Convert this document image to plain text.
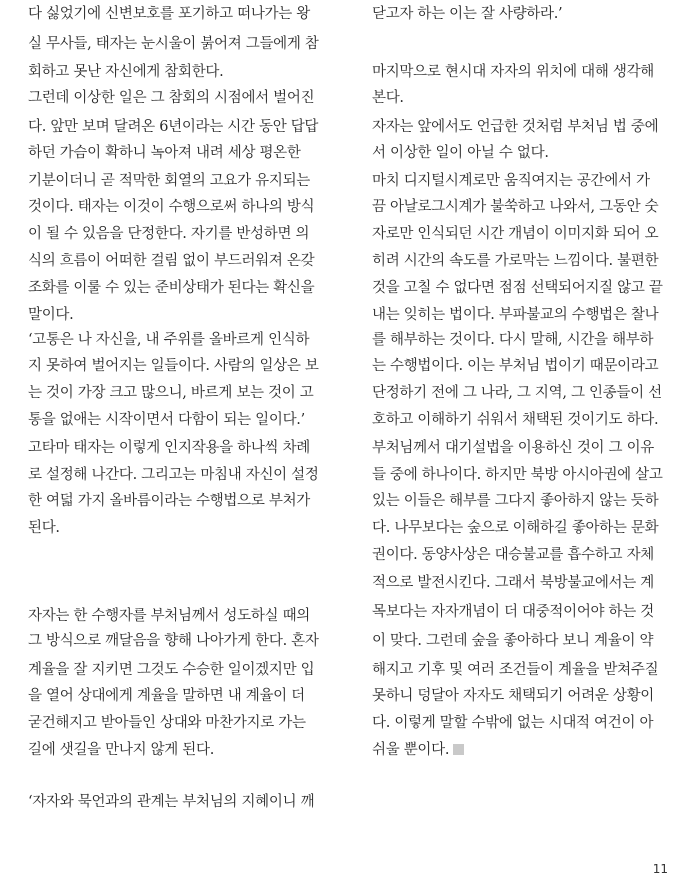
다 싫었기에 신변보호를 포기하고 떠나가는 왕
실 무사들, 태자는 눈시울이 붉어져 그들에게 참
회하고 못난 자신에게 참회한다.
그런데 이상한 일은 그 참회의 시점에서 벌어진
다. 앞만 보며 달려온 6년이라는 시간 동안 답답
하던 가슴이 확하니 녹아져 내려 세상 평온한
기분이더니 곧 적막한 회열의 고요가 유지되는
것이다. 태자는 이것이 수행으로써 하나의 방식
이 될 수 있음을 단정한다. 자기를 반성하면 의
식의 흐름이 어떠한 걸림 없이 부드러워져 온갖
조화를 이룰 수 있는 준비상태가 된다는 확신을
말이다.
‘고통은 나 자신을, 내 주위를 올바르게 인식하
지 못하여 벌어지는 일들이다. 사람의 일상은 보
는 것이 가장 크고 많으니, 바르게 보는 것이 고
통을 없애는 시작이면서 다함이 되는 일이다.’
고타마 태자는 이렇게 인지작용을 하나씩 차례
로 설정해 나간다. 그리고는 마침내 자신이 설정
한 여덟 가지 올바름이라는 수행법으로 부처가
된다.
자자는 한 수행자를 부처님께서 성도하실 때의
그 방식으로 깨달음을 향해 나아가게 한다. 혼자
계율을 잘 지키면 그것도 수승한 일이겠지만 입
을 열어 상대에게 계율을 말하면 내 계율이 더
굳건해지고 받아들인 상대와 마찬가지로 가는
길에 샛길을 만나지 않게 된다.
‘자자와 묵언과의 관계는 부처님의 지혜이니 깨
닫고자 하는 이는 잘 사량하라.’
마지막으로 현시대 자자의 위치에 대해 생각해
본다.
자자는 앞에서도 언급한 것처럼 부처님 법 중에
서 이상한 일이 아닐 수 없다.
마치 디지털시계로만 움직여지는 공간에서 가
끔 아날로그시계가 불쑥하고 나와서, 그동안 숫
자로만 인식되던 시간 개념이 이미지화 되어 오
히려 시간의 속도를 가로막는 느낌이다. 불편한
것을 고칠 수 없다면 점점 선택되어지질 않고 끝
내는 잊히는 법이다. 부파불교의 수행법은 찰나
를 해부하는 것이다. 다시 말해, 시간을 해부하
는 수행법이다. 이는 부처님 법이기 때문이라고
단정하기 전에 그 나라, 그 지역, 그 인종들이 선
호하고 이해하기 쉬워서 채택된 것이기도 하다.
부처님께서 대기설법을 이용하신 것이 그 이유
들 중에 하나이다. 하지만 북방 아시아권에 살고
있는 이들은 해부를 그다지 좋아하지 않는 듯하
다. 나무보다는 숲으로 이해하길 좋아하는 문화
권이다. 동양사상은 대승불교를 흡수하고 자체
적으로 발전시킨다. 그래서 북방불교에서는 계
목보다는 자자개념이 더 대중적이어야 하는 것
이 맞다. 그런데 숲을 좋아하다 보니 계율이 약
해지고 기후 및 여러 조건들이 계율을 받쳐주질
못하니 덩달아 자자도 채택되기 어려운 상황이
다. 이렇게 말할 수밖에 없는 시대적 여건이 아
쉬울 뿐이다.
11
